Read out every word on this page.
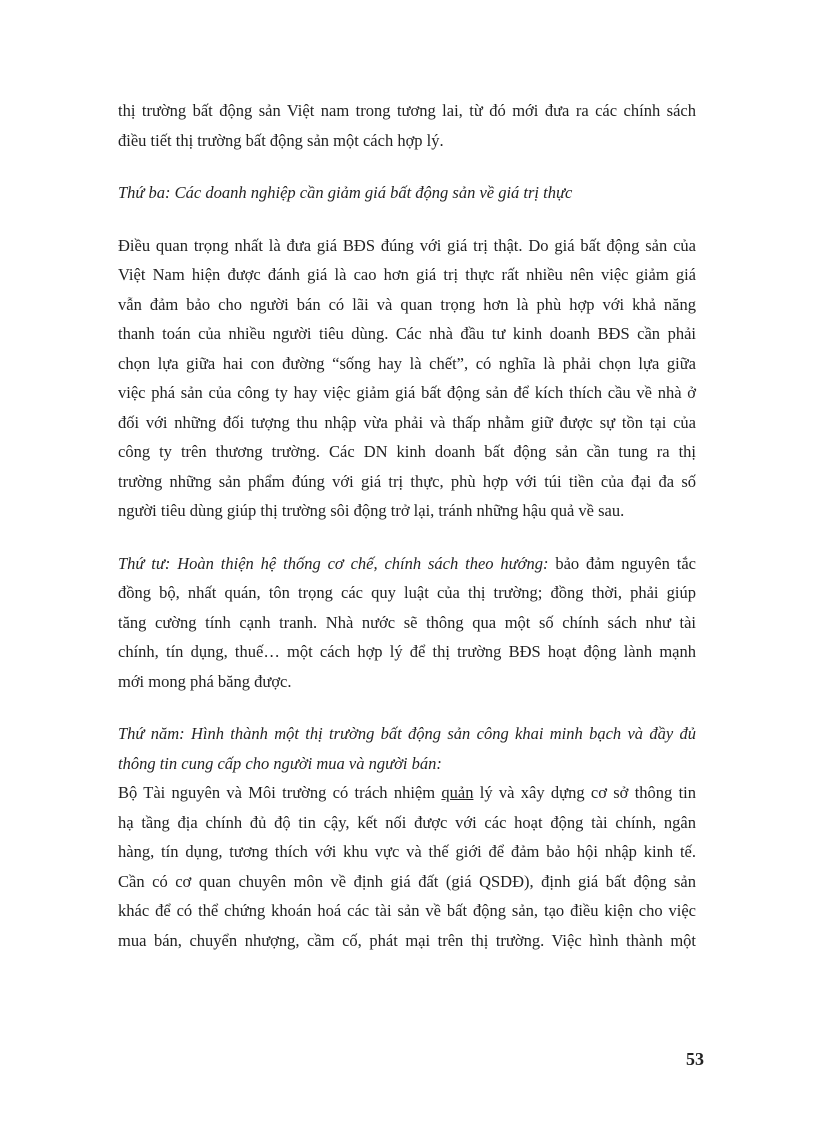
thị trường bất động sản Việt nam trong tương lai, từ đó mới đưa ra các chính sách
điều tiết thị trường bất động sản một cách hợp lý.
Thứ ba: Các doanh nghiệp cần giảm giá bất động sản về giá trị thực
Điều quan trọng nhất là đưa giá BĐS đúng với giá trị thật. Do giá bất động sản của
Việt Nam hiện được đánh giá là cao hơn giá trị thực rất nhiều nên việc giảm giá
vẫn đảm bảo cho người bán có lãi và quan trọng hơn là phù hợp với khả năng
thanh toán của nhiều người tiêu dùng. Các nhà đầu tư kinh doanh BĐS cần phải
chọn lựa giữa hai con đường “sống hay là chết”, có nghĩa là phải chọn lựa giữa
việc phá sản của công ty hay việc giảm giá bất động sản để kích thích cầu về nhà ở
đối với những đối tượng thu nhập vừa phải và thấp nhằm giữ được sự tồn tại của
công ty trên thương trường. Các DN kinh doanh bất động sản cần tung ra thị
trường những sản phẩm đúng với giá trị thực, phù hợp với túi tiền của đại đa số
người tiêu dùng giúp thị trường sôi động trở lại, tránh những hậu quả về sau.
Thứ tư: Hoàn thiện hệ thống cơ chế, chính sách theo hướng: bảo đảm nguyên tắc
đồng bộ, nhất quán, tôn trọng các quy luật của thị trường; đồng thời, phải giúp
tăng cường tính cạnh tranh. Nhà nước sẽ thông qua một số chính sách như tài
chính, tín dụng, thuế… một cách hợp lý để thị trường BĐS hoạt động lành mạnh
mới mong phá băng được.
Thứ năm: Hình thành một thị trường bất động sản công khai minh bạch và đầy đủ
thông tin cung cấp cho người mua và người bán:
Bộ Tài nguyên và Môi trường có trách nhiệm quản lý và xây dựng cơ sở thông tin
hạ tầng địa chính đủ độ tin cậy, kết nối được với các hoạt động tài chính, ngân
hàng, tín dụng, tương thích với khu vực và thế giới để đảm bảo hội nhập kinh tế.
Cần có cơ quan chuyên môn về định giá đất (giá QSDĐ), định giá bất động sản
khác để có thể chứng khoán hoá các tài sản về bất động sản, tạo điều kiện cho việc
mua bán, chuyển nhượng, cầm cố, phát mại trên thị trường. Việc hình thành một
53
